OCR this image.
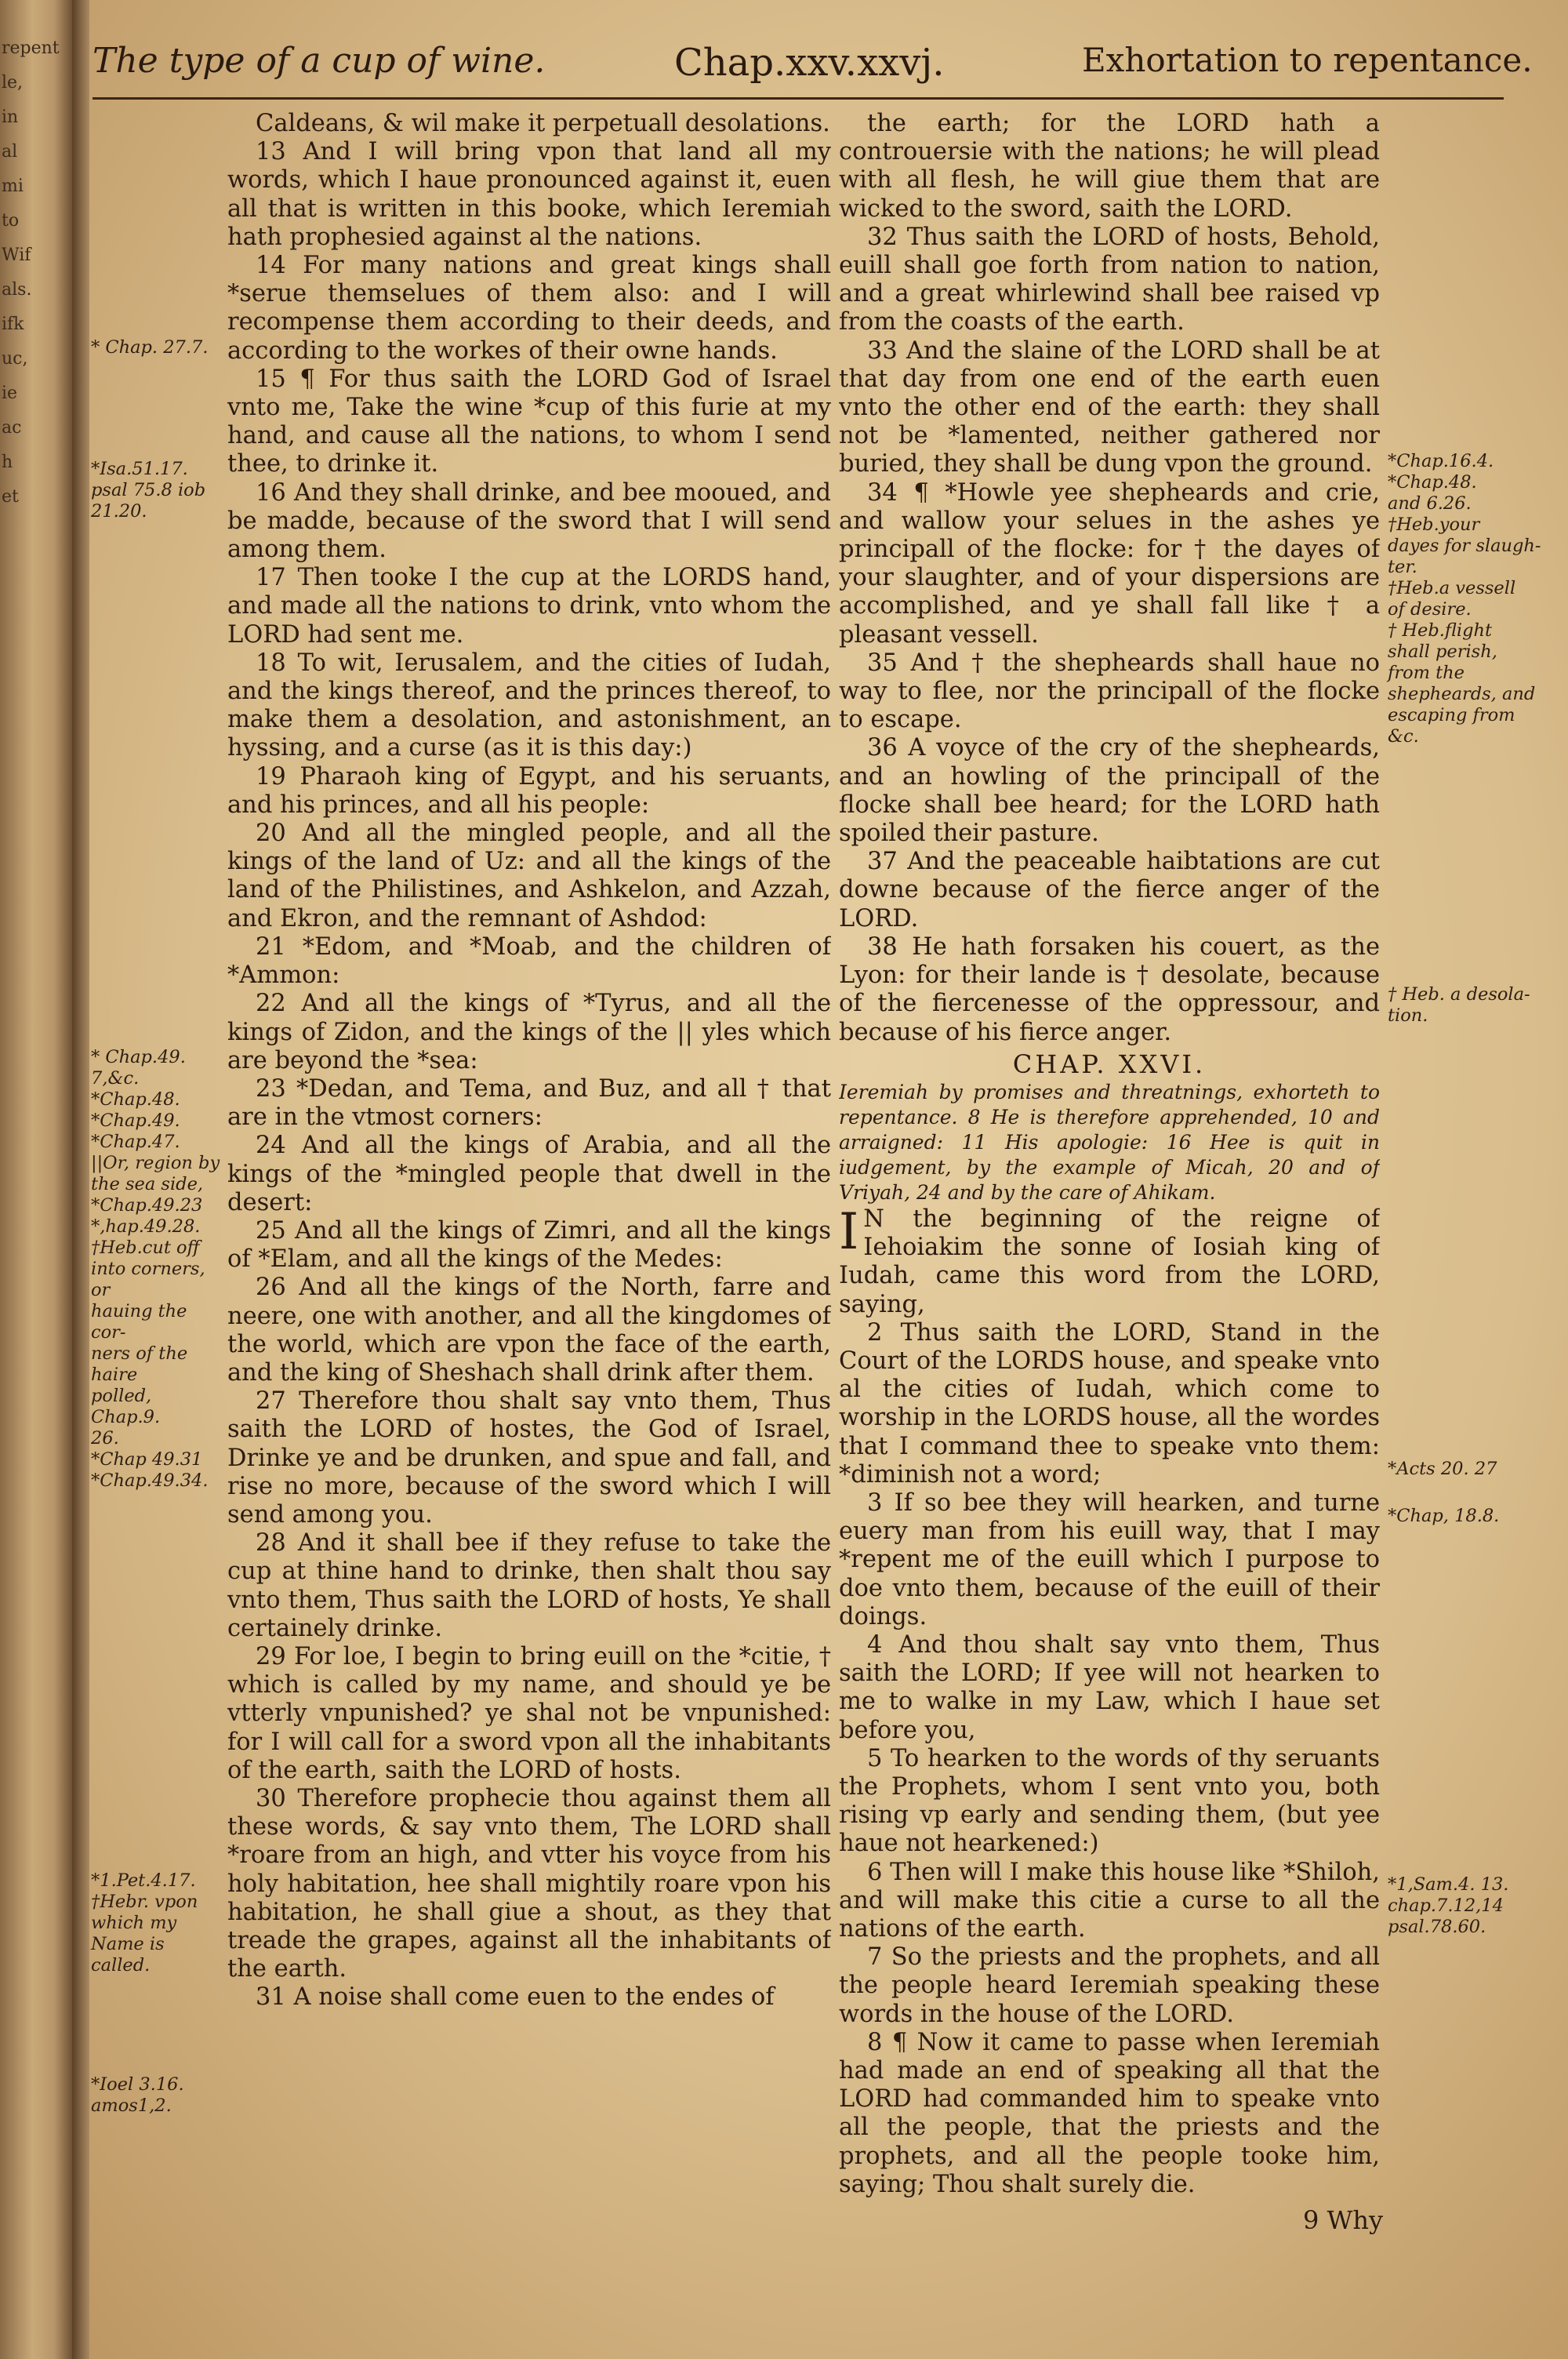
repent
le,
in
al
mi
to
Wif
als.
ifk
uc,
ie
ac
h
et
The type of a cup of wine.	Chap.xxv.xxvj.	Exhortation to repentance.
* Chap. 27.7.
*Isa.51.17.
psal 75.8 iob
21.20.
* Chap.49.
7,&c.
*Chap.48.
*Chap.49.
*Chap.47.
||Or, region by
the sea side,
*Chap.49.23
*,hap.49.28.
†Heb.cut off
into corners, or
hauing the cor-
ners of the haire
polled, Chap.9.
26.
*Chap 49.31
*Chap.49.34.
*1.Pet.4.17.
†Hebr. vpon
which my
Name is called.
*Ioel 3.16.
amos1,2.

Caldeans, & wil make it perpetuall desolations.

13 And I will bring vpon that land all my words, which I haue pronounced against it, euen all that is written in this booke, which Ieremiah hath prophesied against al the nations.

14 For many nations and great kings shall *serue themselues of them also: and I will recompense them according to their deeds, and according to the workes of their owne hands.

15 ¶ For thus saith the LORD God of Israel vnto me, Take the wine *cup of this furie at my hand, and cause all the nations, to whom I send thee, to drinke it.

16 And they shall drinke, and bee mooued, and be madde, because of the sword that I will send among them.

17 Then tooke I the cup at the LORDS hand, and made all the nations to drink, vnto whom the LORD had sent me.

18 To wit, Ierusalem, and the cities of Iudah, and the kings thereof, and the princes thereof, to make them a desolation, and astonishment, an hyssing, and a curse (as it is this day:)

19 Pharaoh king of Egypt, and his seruants, and his princes, and all his people:

20 And all the mingled people, and all the kings of the land of Uz: and all the kings of the land of the Philistines, and Ashkelon, and Azzah, and Ekron, and the remnant of Ashdod:

21 *Edom, and *Moab, and the children of *Ammon:

22 And all the kings of *Tyrus, and all the kings of Zidon, and the kings of the || yles which are beyond the *sea:

23 *Dedan, and Tema, and Buz, and all † that are in the vtmost corners:

24 And all the kings of Arabia, and all the kings of the *mingled people that dwell in the desert:

25 And all the kings of Zimri, and all the kings of *Elam, and all the kings of the Medes:

26 And all the kings of the North, farre and neere, one with another, and all the kingdomes of the world, which are vpon the face of the earth, and the king of Sheshach shall drink after them.

27 Therefore thou shalt say vnto them, Thus saith the LORD of hostes, the God of Israel, Drinke ye and be drunken, and spue and fall, and rise no more, because of the sword which I will send among you.

28 And it shall bee if they refuse to take the cup at thine hand to drinke, then shalt thou say vnto them, Thus saith the LORD of hosts, Ye shall certainely drinke.

29 For loe, I begin to bring euill on the *citie, † which is called by my name, and should ye be vtterly vnpunished? ye shal not be vnpunished: for I will call for a sword vpon all the inhabitants of the earth, saith the LORD of hosts.

30 Therefore prophecie thou against them all these words, & say vnto them, The LORD shall *roare from an high, and vtter his voyce from his holy habitation, hee shall mightily roare vpon his habitation, he shall giue a shout, as they that treade the grapes, against all the inhabitants of the earth.

31 A noise shall come euen to the endes of

the earth; for the LORD hath a controuersie with the nations; he will plead with all flesh, he will giue them that are wicked to the sword, saith the LORD.

32 Thus saith the LORD of hosts, Behold, euill shall goe forth from nation to nation, and a great whirlewind shall bee raised vp from the coasts of the earth.

33 And the slaine of the LORD shall be at that day from one end of the earth euen vnto the other end of the earth: they shall not be *lamented, neither gathered nor buried, they shall be dung vpon the ground.

34 ¶ *Howle yee shepheards and crie, and wallow your selues in the ashes ye principall of the flocke: for † the dayes of your slaughter, and of your dispersions are accomplished, and ye shall fall like † a pleasant vessell.

35 And † the shepheards shall haue no way to flee, nor the principall of the flocke to escape.

36 A voyce of the cry of the shepheards, and an howling of the principall of the flocke shall bee heard; for the LORD hath spoiled their pasture.

37 And the peaceable haibtations are cut downe because of the fierce anger of the LORD.

38 He hath forsaken his couert, as the Lyon: for their lande is † desolate, because of the fiercenesse of the oppressour, and because of his fierce anger.

CHAP. XXVI.

Ieremiah by promises and threatnings, exhorteth to repentance. 8 He is therefore apprehended, 10 and arraigned: 11 His apologie: 16 Hee is quit in iudgement, by the example of Micah, 20 and of Vriyah, 24 and by the care of Ahikam.

I N the beginning of the reigne of Iehoiakim the sonne of Iosiah king of Iudah, came this word from the LORD, saying,

2 Thus saith the LORD, Stand in the Court of the LORDS house, and speake vnto al the cities of Iudah, which come to worship in the LORDS house, all the wordes that I command thee to speake vnto them: *diminish not a word;

3 If so bee they will hearken, and turne euery man from his euill way, that I may *repent me of the euill which I purpose to doe vnto them, because of the euill of their doings.

4 And thou shalt say vnto them, Thus saith the LORD; If yee will not hearken to me to walke in my Law, which I haue set before you,

5 To hearken to the words of thy seruants the Prophets, whom I sent vnto you, both rising vp early and sending them, (but yee haue not hearkened:)

6 Then will I make this house like *Shiloh, and will make this citie a curse to all the nations of the earth.

7 So the priests and the prophets, and all the people heard Ieremiah speaking these words in the house of the LORD.

8 ¶ Now it came to passe when Ieremiah had made an end of speaking all that the LORD had commanded him to speake vnto all the people, that the priests and the prophets, and all the people tooke him, saying; Thou shalt surely die.

*Chap.16.4.
*Chap.48.
and 6.26.
†Heb.your
dayes for slaugh-
ter.
†Heb.a vessell
of desire.
† Heb.flight
shall perish,
from the
shepheards, and
escaping from
&c.
† Heb. a desola-
tion.
*Acts 20. 27
*Chap, 18.8.
*1,Sam.4. 13.
chap.7.12,14
psal.78.60.
9 Why
